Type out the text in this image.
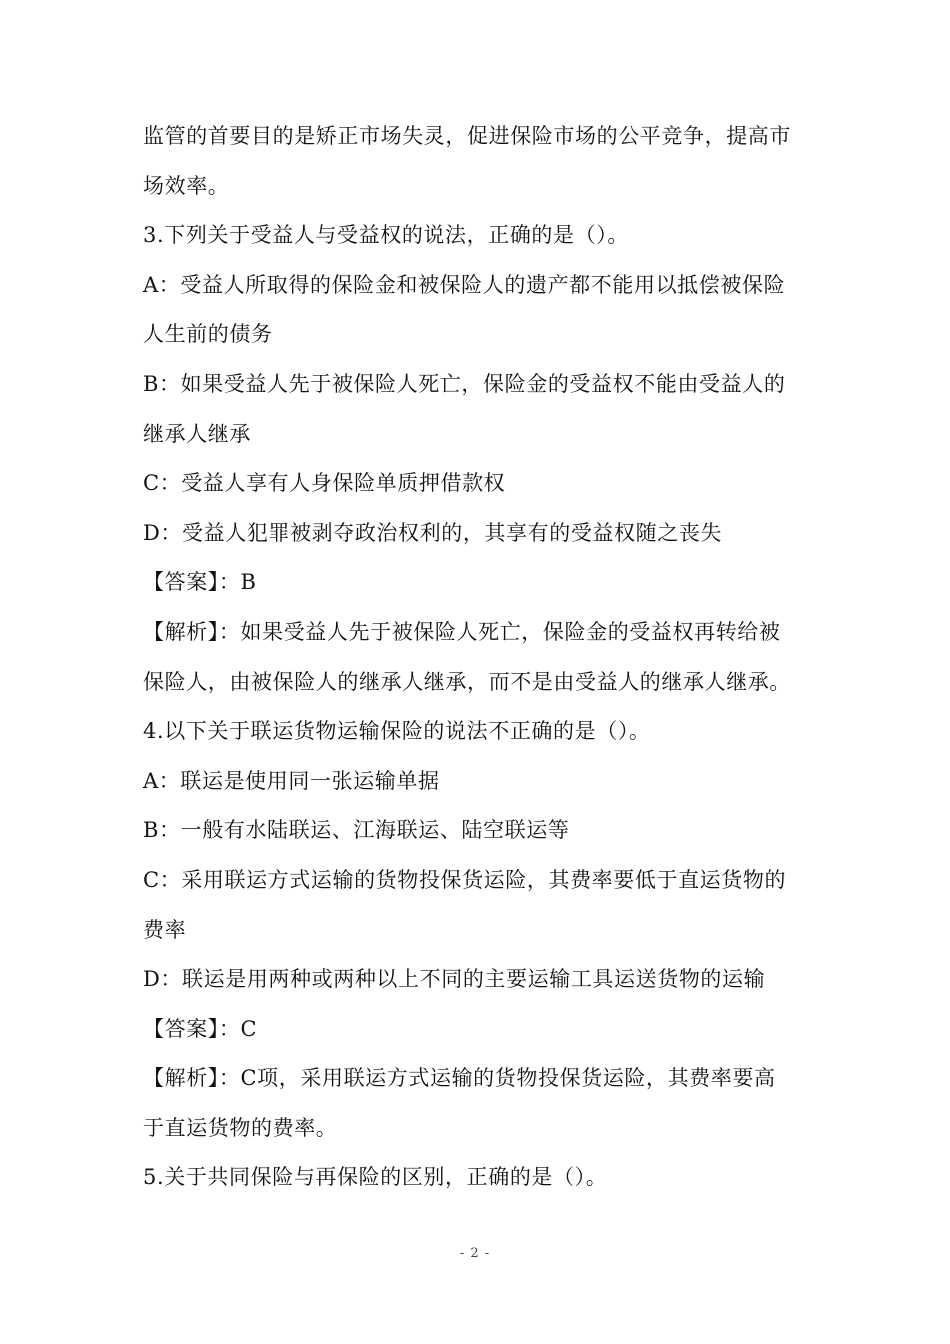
监管的首要目的是矫正市场失灵，促进保险市场的公平竞争，提高市
场效率。
3.下列关于受益人与受益权的说法，正确的是（）。
A：受益人所取得的保险金和被保险人的遗产都不能用以抵偿被保险
人生前的债务
B：如果受益人先于被保险人死亡，保险金的受益权不能由受益人的
继承人继承
C：受益人享有人身保险单质押借款权
D：受益人犯罪被剥夺政治权利的，其享有的受益权随之丧失
【答案】：B
【解析】：如果受益人先于被保险人死亡，保险金的受益权再转给被
保险人，由被保险人的继承人继承，而不是由受益人的继承人继承。
4.以下关于联运货物运输保险的说法不正确的是（）。
A：联运是使用同一张运输单据
B：一般有水陆联运、江海联运、陆空联运等
C：采用联运方式运输的货物投保货运险，其费率要低于直运货物的
费率
D：联运是用两种或两种以上不同的主要运输工具运送货物的运输
【答案】：C
【解析】：C项，采用联运方式运输的货物投保货运险，其费率要高
于直运货物的费率。
5.关于共同保险与再保险的区别，正确的是（）。
- 2 -
